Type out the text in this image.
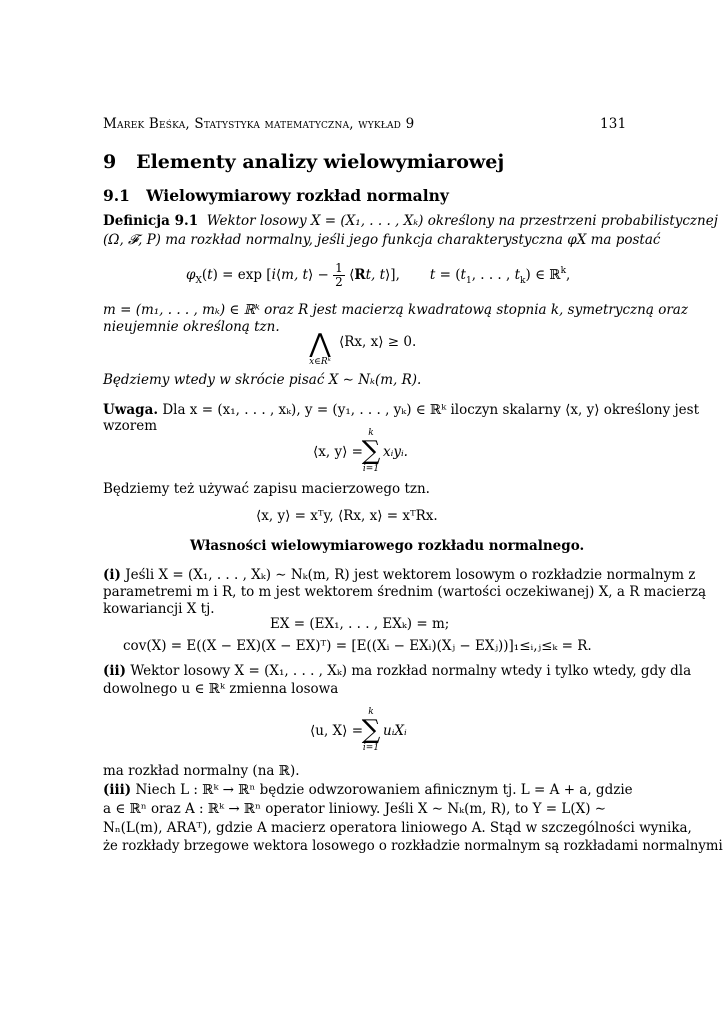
Marek Beśka, Statystyka matematyczna, wykład 9	131
9 Elementy analizy wielowymiarowej
9.1 Wielowymiarowy rozkład normalny
Definicja 9.1 Wektor losowy X = (X₁, . . . , Xₖ) określony na przestrzeni probabilistycznej
(Ω, 𝓕, P) ma rozkład normalny, jeśli jego funkcja charakterystyczna φX ma postać
$\varphi_X(t) = \exp$ [i⟨m, t⟩ − $\frac{1}{2}$ ⟨Rt, t⟩],       $t = (t_1$, . . . , $t_k$) ∈ ℝ$^k$,
m = (m₁, . . . , mₖ) ∈ ℝᵏ oraz R jest macierzą kwadratową stopnia k, symetryczną oraz
nieujemnie określoną tzn.
⋀
x∈Rᵏ
⟨Rx, x⟩ ≥ 0.
Będziemy wtedy w skrócie pisać X ∼ Nₖ(m, R).
Uwaga. Dla x = (x₁, . . . , xₖ), y = (y₁, . . . , yₖ) ∈ ℝᵏ iloczyn skalarny ⟨x, y⟩ określony jest
wzorem
⟨x, y⟩ =
k
∑
i=1
xᵢyᵢ.
Będziemy też używać zapisu macierzowego tzn.
⟨x, y⟩ = xᵀy, ⟨Rx, x⟩ = xᵀRx.
Własności wielowymiarowego rozkładu normalnego.
(i) Jeśli X = (X₁, . . . , Xₖ) ∼ Nₖ(m, R) jest wektorem losowym o rozkładzie normalnym z
parametremi m i R, to m jest wektorem średnim (wartości oczekiwanej) X, a R macierzą
kowariancji X tj.
EX = (EX₁, . . . , EXₖ) = m;
cov(X) = E((X − EX)(X − EX)ᵀ) = [E((Xᵢ − EXᵢ)(Xⱼ − EXⱼ))]₁≤ᵢ,ⱼ≤ₖ = R.
(ii) Wektor losowy X = (X₁, . . . , Xₖ) ma rozkład normalny wtedy i tylko wtedy, gdy dla
dowolnego u ∈ ℝᵏ zmienna losowa
⟨u, X⟩ =
k
∑
i=1
uᵢXᵢ
ma rozkład normalny (na ℝ).
(iii) Niech L : ℝᵏ → ℝⁿ będzie odwzorowaniem afinicznym tj. L = A + a, gdzie
a ∈ ℝⁿ oraz A : ℝᵏ → ℝⁿ operator liniowy. Jeśli X ∼ Nₖ(m, R), to Y = L(X) ∼
Nₙ(L(m), ARAᵀ), gdzie A macierz operatora liniowego A. Stąd w szczególności wynika,
że rozkłady brzegowe wektora losowego o rozkładzie normalnym są rozkładami normalnymi
